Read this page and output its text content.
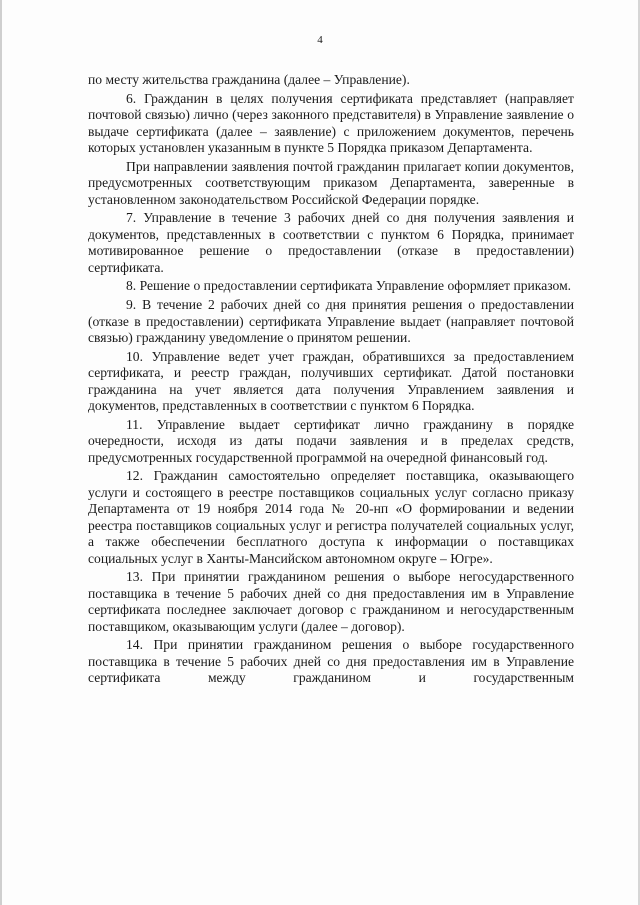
4

по месту жительства гражданина (далее – Управление).

6. Гражданин в целях получения сертификата представляет (направляет почтовой связью) лично (через законного представителя) в Управление заявление о выдаче сертификата (далее – заявление) с приложением документов, перечень которых установлен указанным в пункте 5 Порядка приказом Департамента.

При направлении заявления почтой гражданин прилагает копии документов, предусмотренных соответствующим приказом Департамента, заверенные в установленном законодательством Российской Федерации порядке.

7. Управление в течение 3 рабочих дней со дня получения заявления и документов, представленных в соответствии с пунктом 6 Порядка, принимает мотивированное решение о предоставлении (отказе в предоставлении) сертификата.

8. Решение о предоставлении сертификата Управление оформляет приказом.

9. В течение 2 рабочих дней со дня принятия решения о предоставлении (отказе в предоставлении) сертификата Управление выдает (направляет почтовой связью) гражданину уведомление о принятом решении.

10. Управление ведет учет граждан, обратившихся за предоставлением сертификата, и реестр граждан, получивших сертификат. Датой постановки гражданина на учет является дата получения Управлением заявления и документов, представленных в соответствии с пунктом 6 Порядка.

11. Управление выдает сертификат лично гражданину в порядке очередности, исходя из даты подачи заявления и в пределах средств, предусмотренных государственной программой на очередной финансовый год.

12. Гражданин самостоятельно определяет поставщика, оказывающего услуги и состоящего в реестре поставщиков социальных услуг согласно приказу Департамента от 19 ноября 2014 года № 20-нп «О формировании и ведении реестра поставщиков социальных услуг и регистра получателей социальных услуг, а также обеспечении бесплатного доступа к информации о поставщиках социальных услуг в Ханты-Мансийском автономном округе – Югре».

13. При принятии гражданином решения о выборе негосударственного поставщика в течение 5 рабочих дней со дня предоставления им в Управление сертификата последнее заключает договор с гражданином и негосударственным поставщиком, оказывающим услуги (далее – договор).

14. При принятии гражданином решения о выборе государственного поставщика в течение 5 рабочих дней со дня предоставления им в Управление сертификата между гражданином и государственным
